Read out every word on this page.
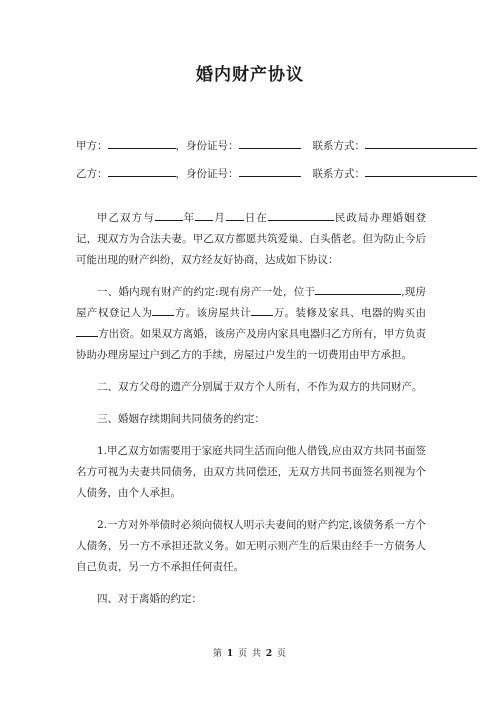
婚内财产协议
甲方：	，身份证号：	联系方式：
乙方：	，身份证号：	联系方式：

甲乙双方与	年 月 日在	民政局办理婚姻登记，现双方为合法夫妻。甲乙双方都愿共筑爱巢、白头偕老。但为防止今后可能出现的财产纠纷，双方经友好协商，达成如下协议：

一、婚内现有财产的约定:现有房产一处，位于	,现房屋产权登记人为 方。该房屋共计 万。装修及家具、电器的购买由方出资。如果双方离婚，该房产及房内家具电器归乙方所有，甲方负责协助办理房屋过户到乙方的手续，房屋过户发生的一切费用由甲方承担。

二、双方父母的遗产分别属于双方个人所有，不作为双方的共同财产。

三、婚姻存续期间共同债务的约定：

1.甲乙双方如需要用于家庭共同生活而向他人借钱,应由双方共同书面签名方可视为夫妻共同债务，由双方共同偿还，无双方共同书面签名则视为个人债务，由个人承担。

2.一方对外举债时必须向债权人明示夫妻间的财产约定,该债务系一方个人债务，另一方不承担还款义务。如无明示则产生的后果由经手一方债务人自己负责，另一方不承担任何责任。

四、对于离婚的约定：

第 1 页 共 2 页
